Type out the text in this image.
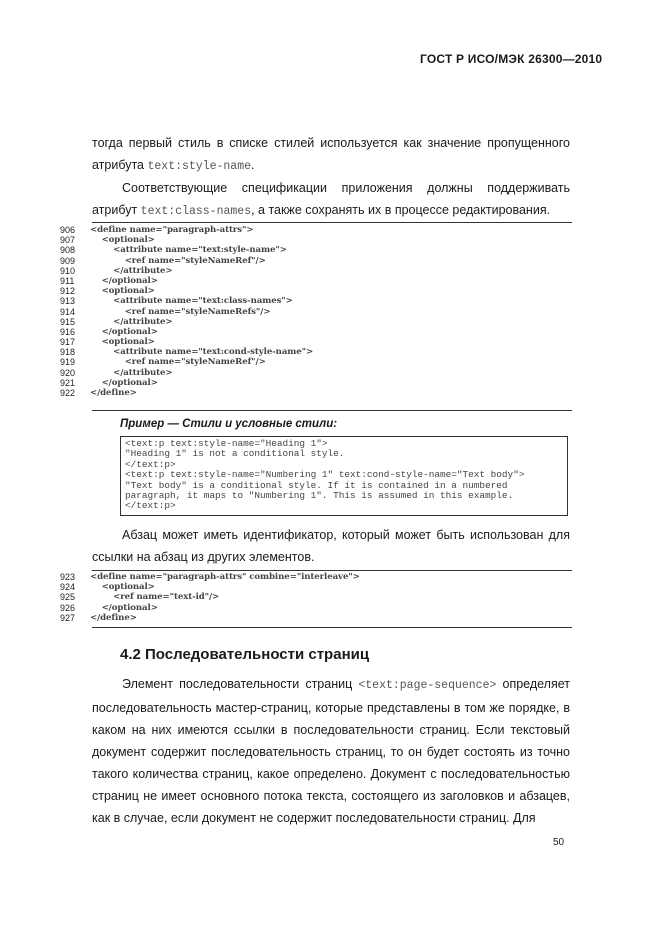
ГОСТ Р ИСО/МЭК 26300—2010
тогда первый стиль в списке стилей используется как значение пропущенного атрибута text:style-name.
Соответствующие спецификации приложения должны поддерживать атрибут text:class-names, а также сохранять их в процессе редактирования.
906	<define name="paragraph-attrs">
907	<optional>
908	<attribute name="text:style-name">
909	<ref name="styleNameRef"/>
910	</attribute>
911	</optional>
912	<optional>
913	<attribute name="text:class-names">
914	<ref name="styleNameRefs"/>
915	</attribute>
916	</optional>
917	<optional>
918	<attribute name="text:cond-style-name">
919	<ref name="styleNameRef"/>
920	</attribute>
921	</optional>
922	</define>
Пример — Стили и условные стили:
<text:p text:style-name="Heading 1">
"Heading 1" is not a conditional style.
</text:p>
<text:p text:style-name="Numbering 1" text:cond-style-name="Text body">
"Text body" is a conditional style. If it is contained in a numbered
paragraph, it maps to "Numbering 1". This is assumed in this example.
</text:p>
Абзац может иметь идентификатор, который может быть использован для ссылки на абзац из других элементов.
923	<define name="paragraph-attrs" combine="interleave">
924	<optional>
925	<ref name="text-id"/>
926	</optional>
927	</define>
4.2 Последовательности страниц
Элемент последовательности страниц <text:page-sequence> определяет последовательность мастер-страниц, которые представлены в том же порядке, в каком на них имеются ссылки в последовательности страниц. Если текстовый документ содержит последовательность страниц, то он будет состоять из точно такого количества страниц, какое определено. Документ с последовательностью страниц не имеет основного потока текста, состоящего из заголовков и абзацев, как в случае, если документ не содержит последовательности страниц. Для
50
